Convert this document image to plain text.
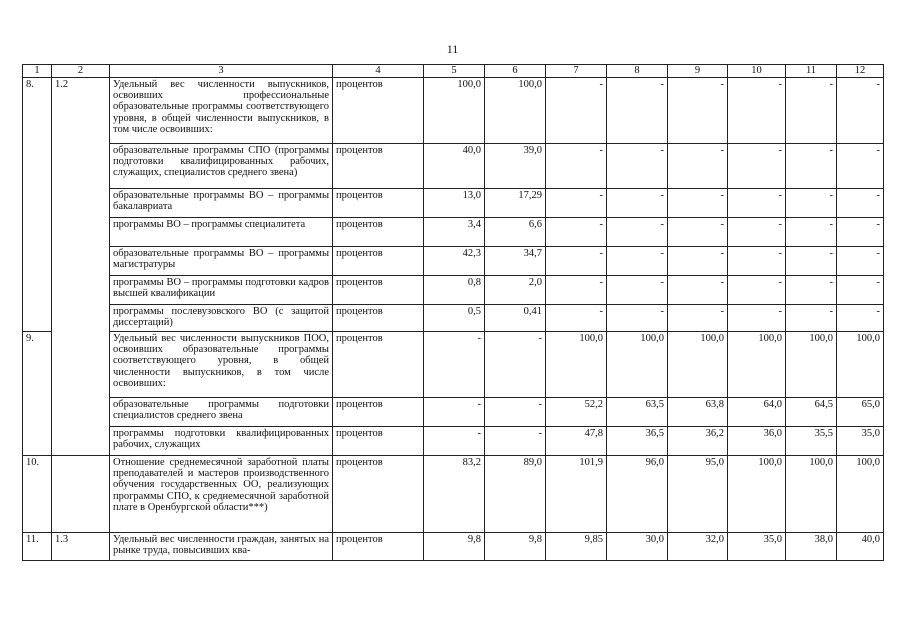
11
1	2	3	4	5	6	7	8	9	10	11	12
8.	1.2	Удельный вес численности выпускников, освоивших профессиональные образовательные программы соответствующего уровня, в общей численности выпускников, в том числе освоивших:	процентов	100,0	100,0	-	-	-	-	-	-
		образовательные программы СПО (программы подготовки квалифицированных рабочих, служащих, специалистов среднего звена)	процентов	40,0	39,0	-	-	-	-	-	-
		образовательные программы ВО – программы бакалавриата	процентов	13,0	17,29	-	-	-	-	-	-
		программы ВО – программы специалитета	процентов	3,4	6,6	-	-	-	-	-	-
		образовательные программы ВО – программы магистратуры	процентов	42,3	34,7	-	-	-	-	-	-
		программы ВО – программы подготовки кадров высшей квалификации	процентов	0,8	2,0	-	-	-	-	-	-
		программы послевузовского ВО (с защитой диссертаций)	процентов	0,5	0,41	-	-	-	-	-	-
9.		Удельный вес численности выпускников ПОО, освоивших образовательные программы соответствующего уровня, в общей численности выпускников, в том числе освоивших:	процентов	-	-	100,0	100,0	100,0	100,0	100,0	100,0
		образовательные программы подготовки специалистов среднего звена	процентов	-	-	52,2	63,5	63,8	64,0	64,5	65,0
		программы подготовки квалифицированных рабочих, служащих	процентов	-	-	47,8	36,5	36,2	36,0	35,5	35,0
10.		Отношение среднемесячной заработной платы преподавателей и мастеров производственного обучения государственных ОО, реализующих программы СПО, к среднемесячной заработной плате в Оренбургской области***)	процентов	83,2	89,0	101,9	96,0	95,0	100,0	100,0	100,0
11.	1.3	Удельный вес численности граждан, занятых на рынке труда, повысивших ква-	процентов	9,8	9,8	9,85	30,0	32,0	35,0	38,0	40,0
